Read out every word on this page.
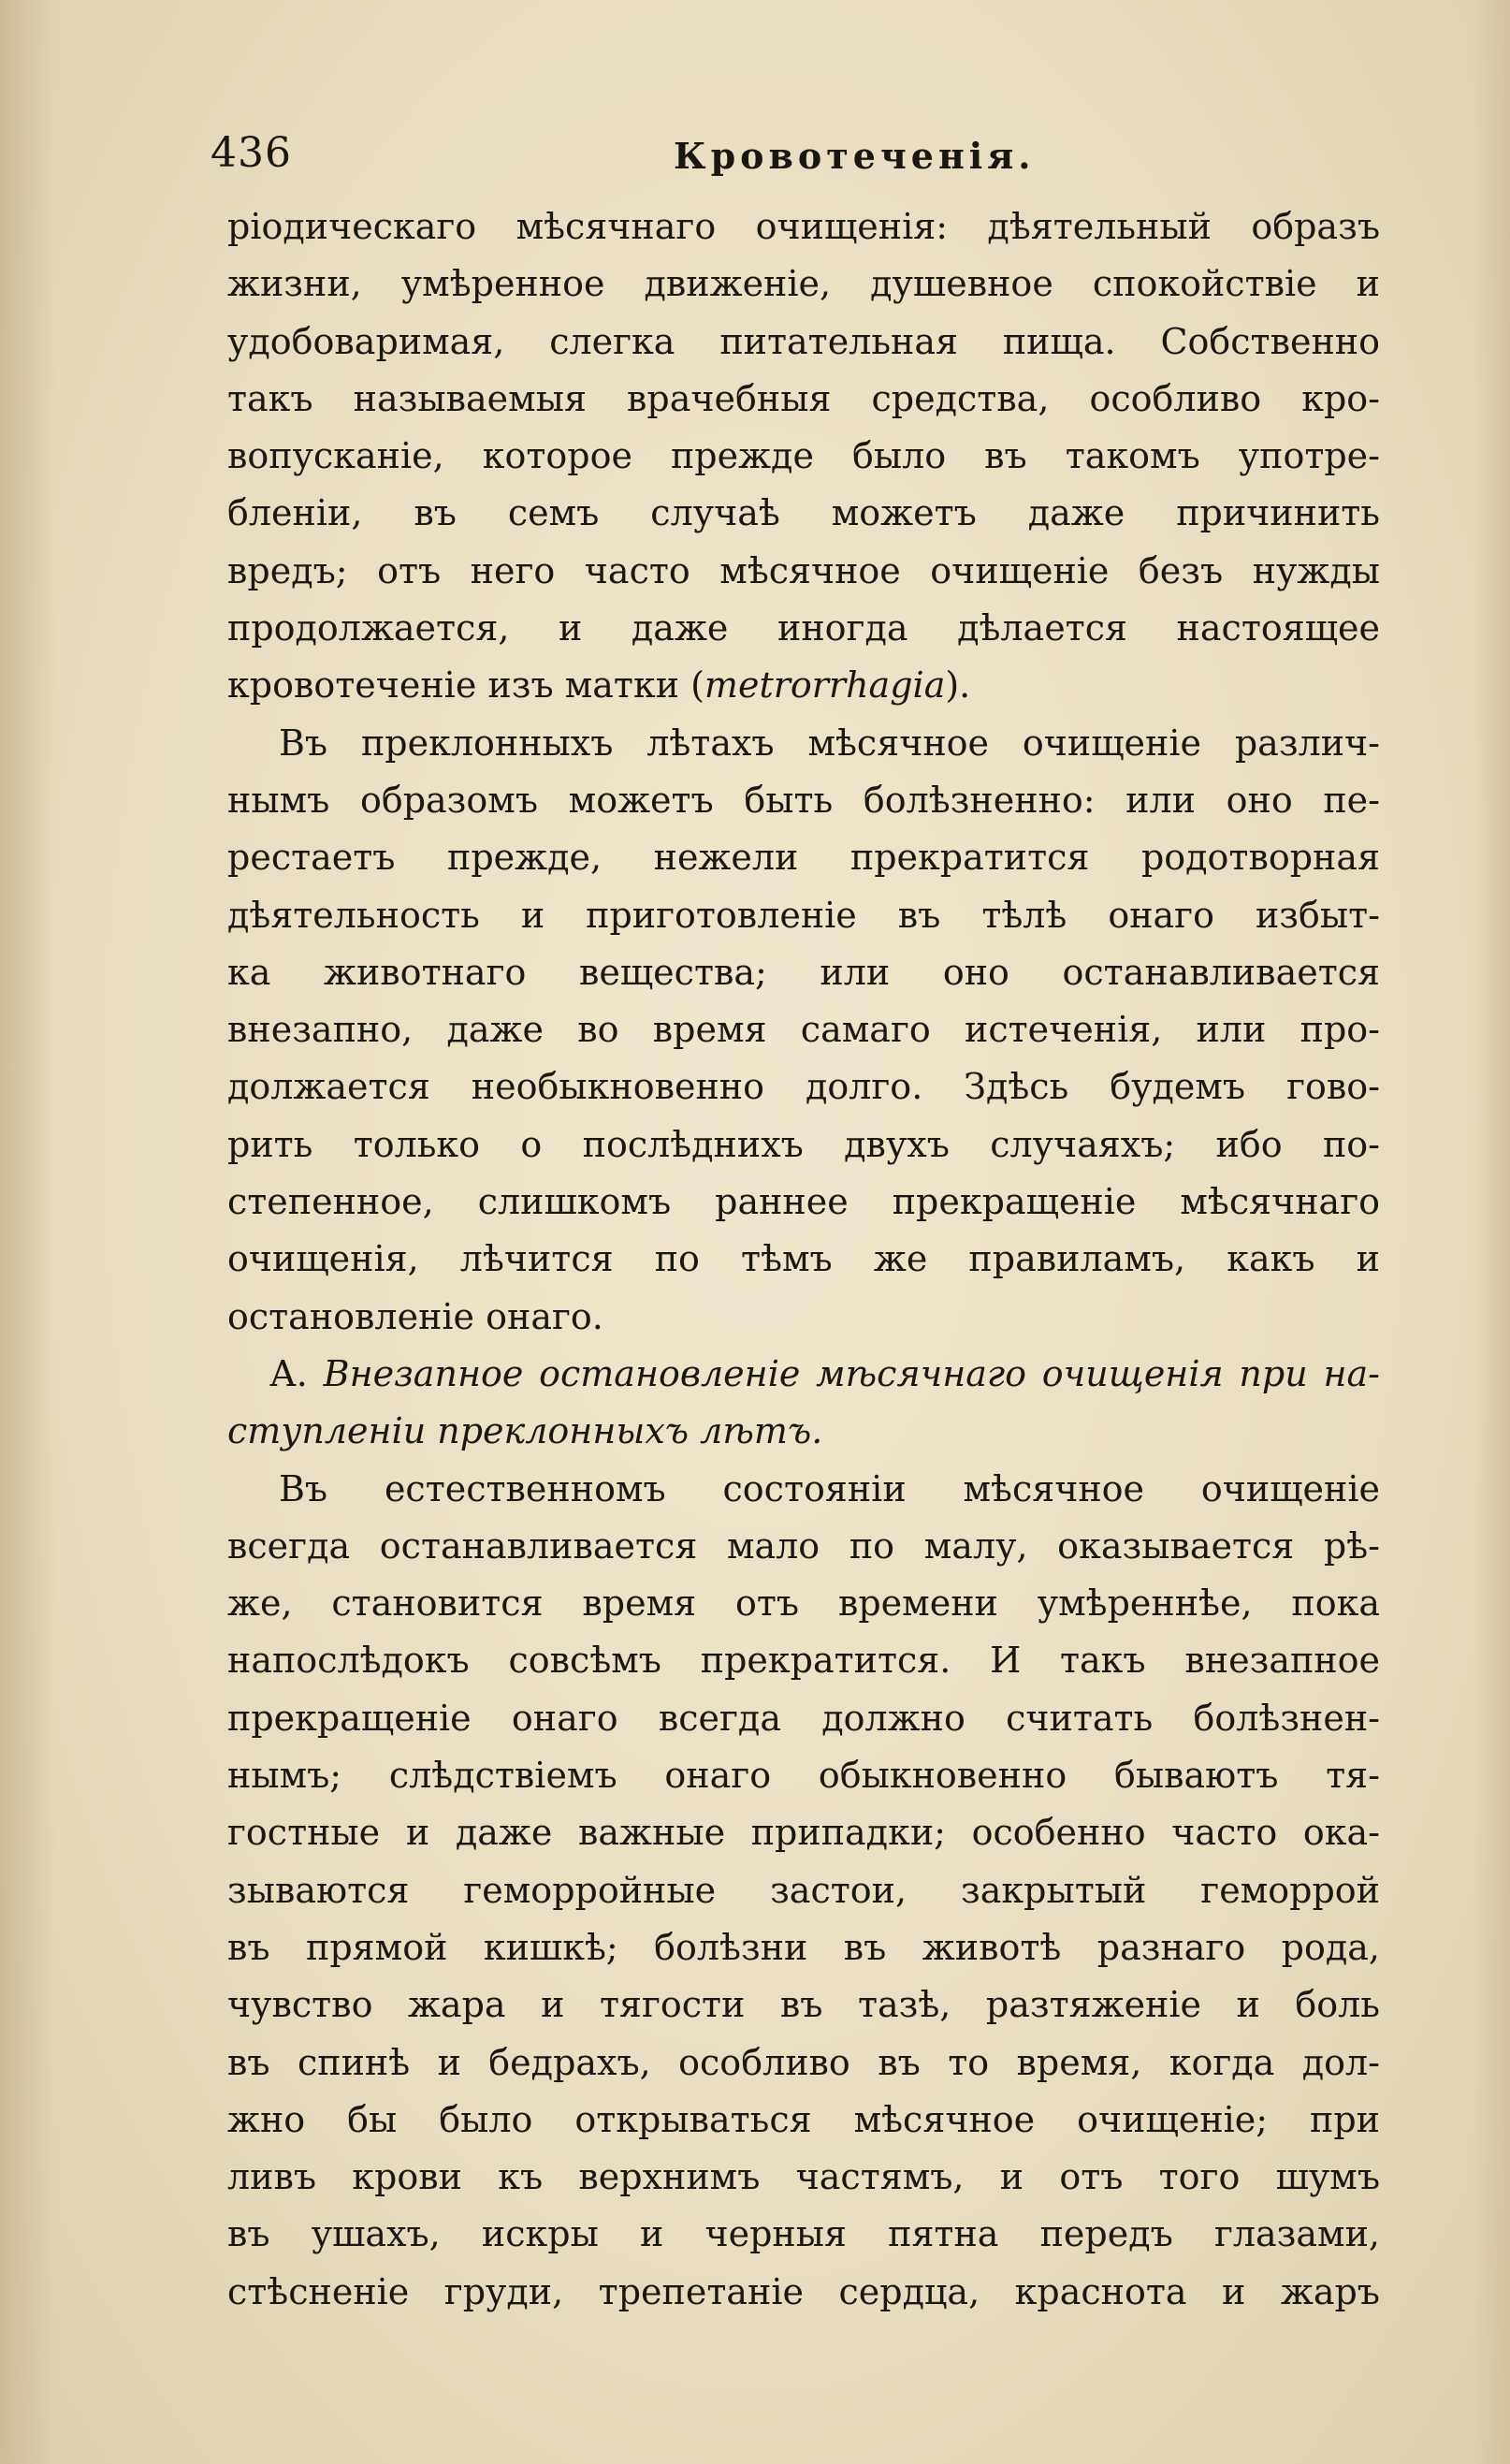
436	Кровотеченія.
ріодическаго мѣсячнаго очищенія: дѣятельный образъ
жизни, умѣренное движеніе, душевное спокойствіе и
удобоваримая, слегка питательная пища. Собственно
такъ называемыя врачебныя средства, особливо кро-
вопусканіе, которое прежде было въ такомъ употре-
бленіи, въ семъ случаѣ можетъ даже причинить
вредъ; отъ него часто мѣсячное очищеніе безъ нужды
продолжается, и даже иногда дѣлается настоящее
кровотеченіе изъ матки (metrorrhagia).
Въ преклонныхъ лѣтахъ мѣсячное очищеніе различ-
нымъ образомъ можетъ быть болѣзненно: или оно пе-
рестаетъ прежде, нежели прекратится родотворная
дѣятельность и приготовленіе въ тѣлѣ онаго избыт-
ка животнаго вещества; или оно останавливается
внезапно, даже во время самаго истеченія, или про-
должается необыкновенно долго. Здѣсь будемъ гово-
рить только о послѣднихъ двухъ случаяхъ; ибо по-
степенное, слишкомъ раннее прекращеніе мѣсячнаго
очищенія, лѣчится по тѣмъ же правиламъ, какъ и
остановленіе онаго.
А. Внезапное остановленіе мѣсячнаго очищенія при на-
ступленіи преклонныхъ лѣтъ.
Въ естественномъ состояніи мѣсячное очищеніе
всегда останавливается мало по малу, оказывается рѣ-
же, становится время отъ времени умѣреннѣе, пока
напослѣдокъ совсѣмъ прекратится. И такъ внезапное
прекращеніе онаго всегда должно считать болѣзнен-
нымъ; слѣдствіемъ онаго обыкновенно бываютъ тя-
гостные и даже важные припадки; особенно часто ока-
зываются геморройные застои, закрытый геморрой
въ прямой кишкѣ; болѣзни въ животѣ разнаго рода,
чувство жара и тягости въ тазѣ, разтяженіе и боль
въ спинѣ и бедрахъ, особливо въ то время, когда дол-
жно бы было открываться мѣсячное очищеніе; при
ливъ крови къ верхнимъ частямъ, и отъ того шумъ
въ ушахъ, искры и черныя пятна передъ глазами,
стѣсненіе груди, трепетаніе сердца, краснота и жаръ
